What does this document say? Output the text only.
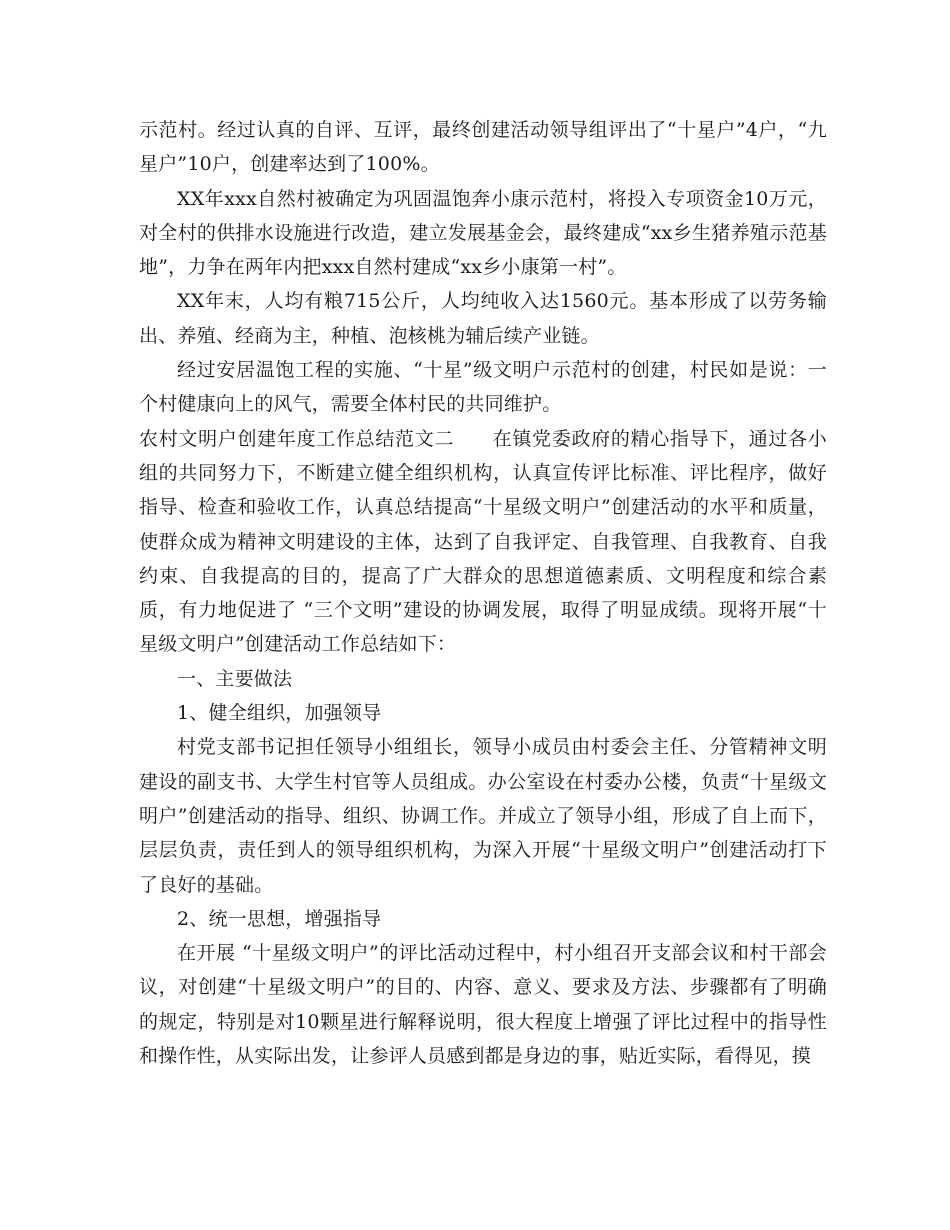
示范村。经过认真的自评、互评，最终创建活动领导组评出了“十星户”4户，“九星户”10户，创建率达到了100%。

XX年xxx自然村被确定为巩固温饱奔小康示范村，将投入专项资金10万元，对全村的供排水设施进行改造，建立发展基金会，最终建成“xx乡生猪养殖示范基地”，力争在两年内把xxx自然村建成“xx乡小康第一村”。

XX年末，人均有粮715公斤，人均纯收入达1560元。基本形成了以劳务输出、养殖、经商为主，种植、泡核桃为辅后续产业链。

经过安居温饱工程的实施、“十星”级文明户示范村的创建，村民如是说：一个村健康向上的风气，需要全体村民的共同维护。

农村文明户创建年度工作总结范文二 在镇党委政府的精心指导下，通过各小组的共同努力下，不断建立健全组织机构，认真宣传评比标准、评比程序，做好指导、检查和验收工作，认真总结提高“十星级文明户”创建活动的水平和质量，使群众成为精神文明建设的主体，达到了自我评定、自我管理、自我教育、自我约束、自我提高的目的，提高了广大群众的思想道德素质、文明程度和综合素质，有力地促进了 “三个文明”建设的协调发展，取得了明显成绩。现将开展“十星级文明户”创建活动工作总结如下：

一、主要做法

1、健全组织，加强领导

村党支部书记担任领导小组组长，领导小成员由村委会主任、分管精神文明建设的副支书、大学生村官等人员组成。办公室设在村委办公楼，负责“十星级文明户”创建活动的指导、组织、协调工作。并成立了领导小组，形成了自上而下，层层负责，责任到人的领导组织机构，为深入开展“十星级文明户”创建活动打下了良好的基础。

2、统一思想，增强指导

在开展 “十星级文明户”的评比活动过程中，村小组召开支部会议和村干部会议，对创建“十星级文明户”的目的、内容、意义、要求及方法、步骤都有了明确的规定，特别是对10颗星进行解释说明，很大程度上增强了评比过程中的指导性和操作性，从实际出发，让参评人员感到都是身边的事，贴近实际，看得见，摸
